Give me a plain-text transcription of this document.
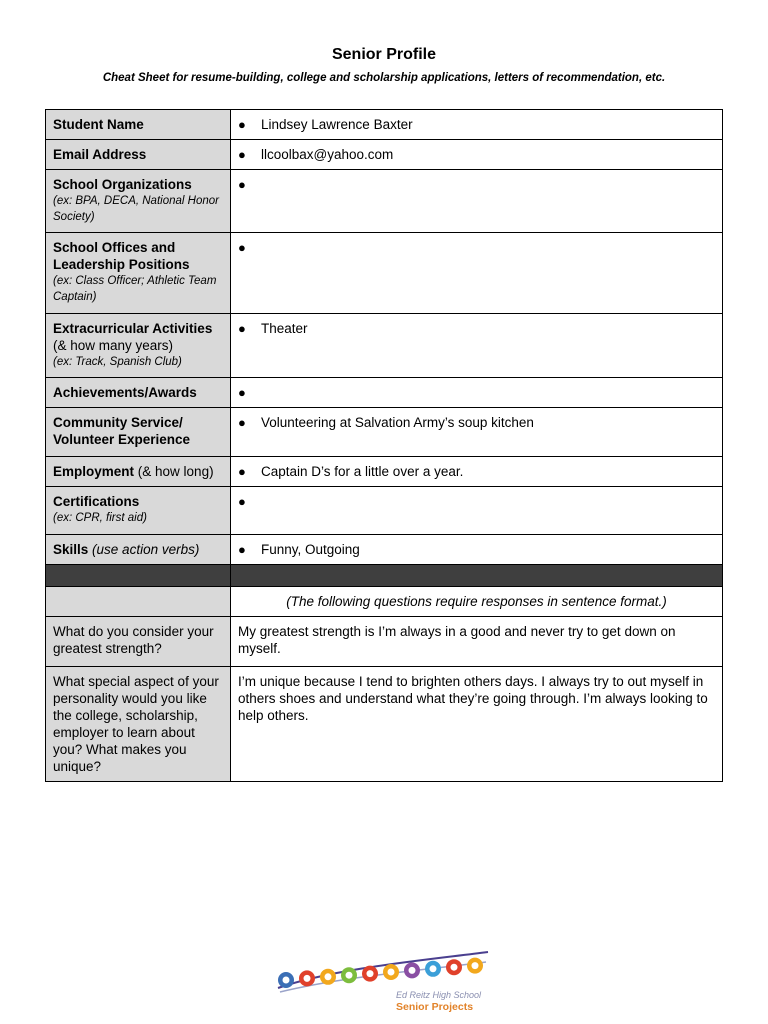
Senior Profile
Cheat Sheet for resume-building, college and scholarship applications, letters of recommendation, etc.
Student Name	● Lindsey Lawrence Baxter
Email Address	● llcoolbax@yahoo.com
School Organizations
(ex: BPA, DECA, National Honor Society)	●
School Offices and Leadership Positions
(ex: Class Officer; Athletic Team Captain)	●
Extracurricular Activities
(& how many years)
(ex: Track, Spanish Club)	● Theater
Achievements/Awards	●
Community Service/ Volunteer Experience	● Volunteering at Salvation Army’s soup kitchen
Employment (& how long)	● Captain D’s for a little over a year.
Certifications
(ex: CPR, first aid)	●
Skills (use action verbs)	● Funny, Outgoing

	(The following questions require responses in sentence format.)
What do you consider your greatest strength?	My greatest strength is I’m always in a good and never try to get down on myself.
What special aspect of your personality would you like the college, scholarship, employer to learn about you? What makes you unique?	I’m unique because I tend to brighten others days. I always try to out myself in others shoes and understand what they’re going through. I’m always looking to help others.
Ed Reitz High School
Senior Projects
